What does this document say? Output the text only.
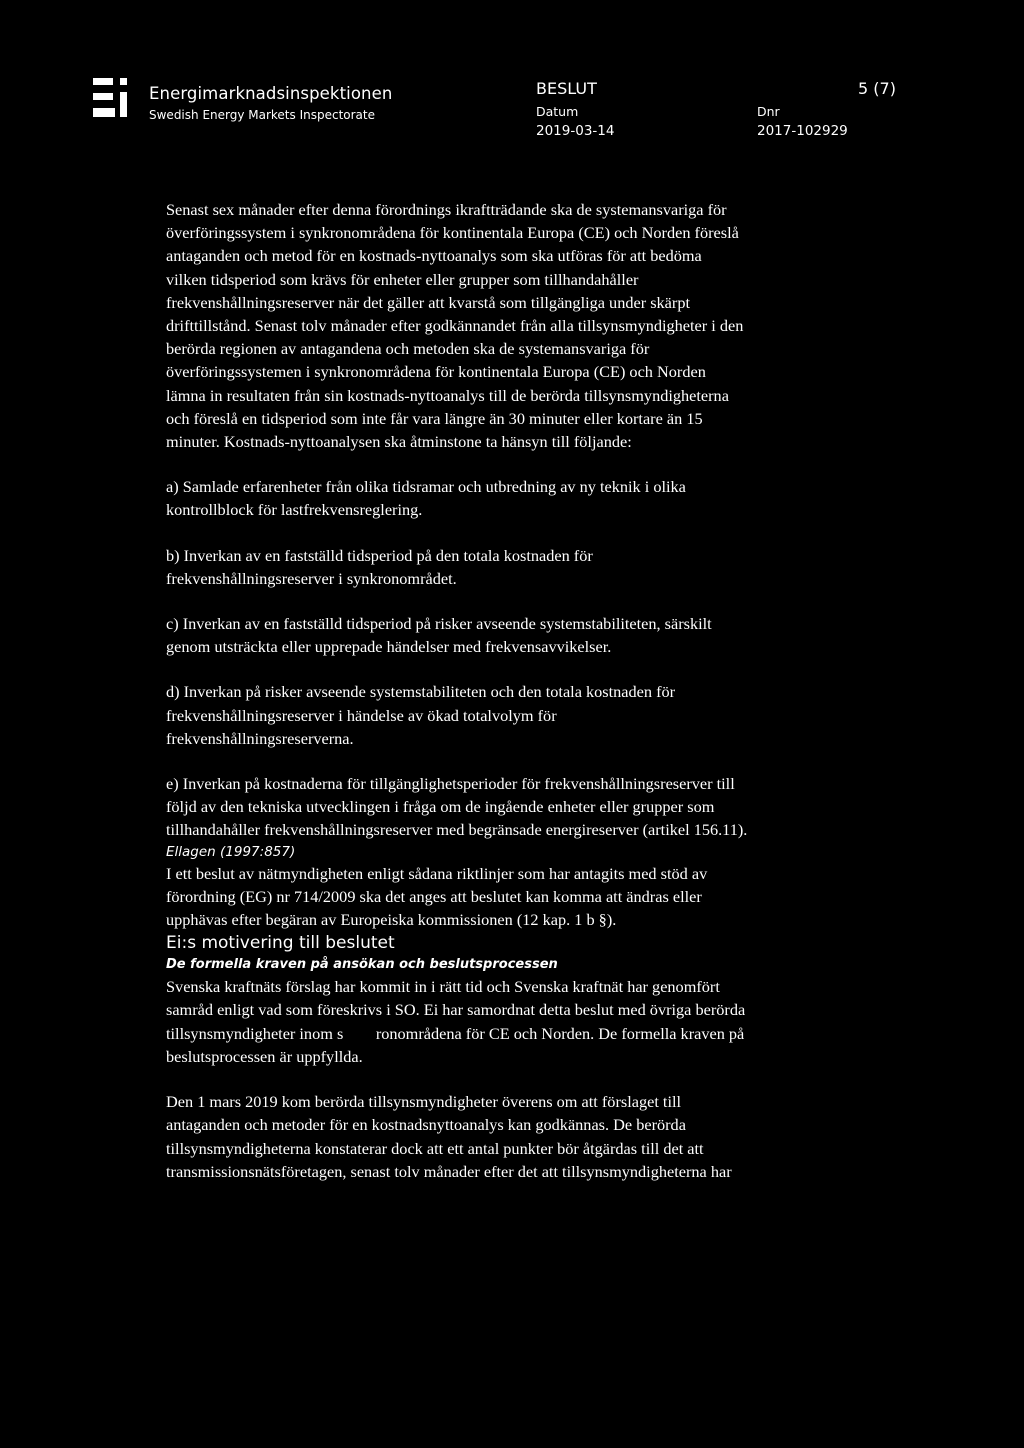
Energimarknadsinspektionen
Swedish Energy Markets Inspectorate
BESLUT	5 (7)
Datum
2019-03-14
Dnr
2017-102929

Senast sex månader efter denna förordnings ikraftträdande ska de systemansvariga för
överföringssystem i synkronområdena för kontinentala Europa (CE) och Norden föreslå
antaganden och metod för en kostnads-nyttoanalys som ska utföras för att bedöma
vilken tidsperiod som krävs för enheter eller grupper som tillhandahåller
frekvenshållningsreserver när det gäller att kvarstå som tillgängliga under skärpt
drifttillstånd. Senast tolv månader efter godkännandet från alla tillsynsmyndigheter i den
berörda regionen av antagandena och metoden ska de systemansvariga för
överföringssystemen i synkronområdena för kontinentala Europa (CE) och Norden
lämna in resultaten från sin kostnads-nyttoanalys till de berörda tillsynsmyndigheterna
och föreslå en tidsperiod som inte får vara längre än 30 minuter eller kortare än 15
minuter. Kostnads-nyttoanalysen ska åtminstone ta hänsyn till följande:

a) Samlade erfarenheter från olika tidsramar och utbredning av ny teknik i olika
kontrollblock för lastfrekvensreglering.

b) Inverkan av en fastställd tidsperiod på den totala kostnaden för
frekvenshållningsreserver i synkronområdet.

c) Inverkan av en fastställd tidsperiod på risker avseende systemstabiliteten, särskilt
genom utsträckta eller upprepade händelser med frekvensavvikelser.

d) Inverkan på risker avseende systemstabiliteten och den totala kostnaden för
frekvenshållningsreserver i händelse av ökad totalvolym för
frekvenshållningsreserverna.

e) Inverkan på kostnaderna för tillgänglighetsperioder för frekvenshållningsreserver till
följd av den tekniska utvecklingen i fråga om de ingående enheter eller grupper som
tillhandahåller frekvenshållningsreserver med begränsade energireserver (artikel 156.11).

Ellagen (1997:857)

I ett beslut av nätmyndigheten enligt sådana riktlinjer som har antagits med stöd av
förordning (EG) nr 714/2009 ska det anges att beslutet kan komma att ändras eller
upphävas efter begäran av Europeiska kommissionen (12 kap. 1 b §).

Ei:s motivering till beslutet

De formella kraven på ansökan och beslutsprocessen

Svenska kraftnäts förslag har kommit in i rätt tid och Svenska kraftnät har genomfört
samråd enligt vad som föreskrivs i SO. Ei har samordnat detta beslut med övriga berörda
tillsynsmyndigheter inom s        ronområdena för CE och Norden. De formella kraven på
beslutsprocessen är uppfyllda.

Den 1 mars 2019 kom berörda tillsynsmyndigheter överens om att förslaget till
antaganden och metoder för en kostnadsnyttoanalys kan godkännas. De berörda
tillsynsmyndigheterna konstaterar dock att ett antal punkter bör åtgärdas till det att
transmissionsnätsföretagen, senast tolv månader efter det att tillsynsmyndigheterna har
